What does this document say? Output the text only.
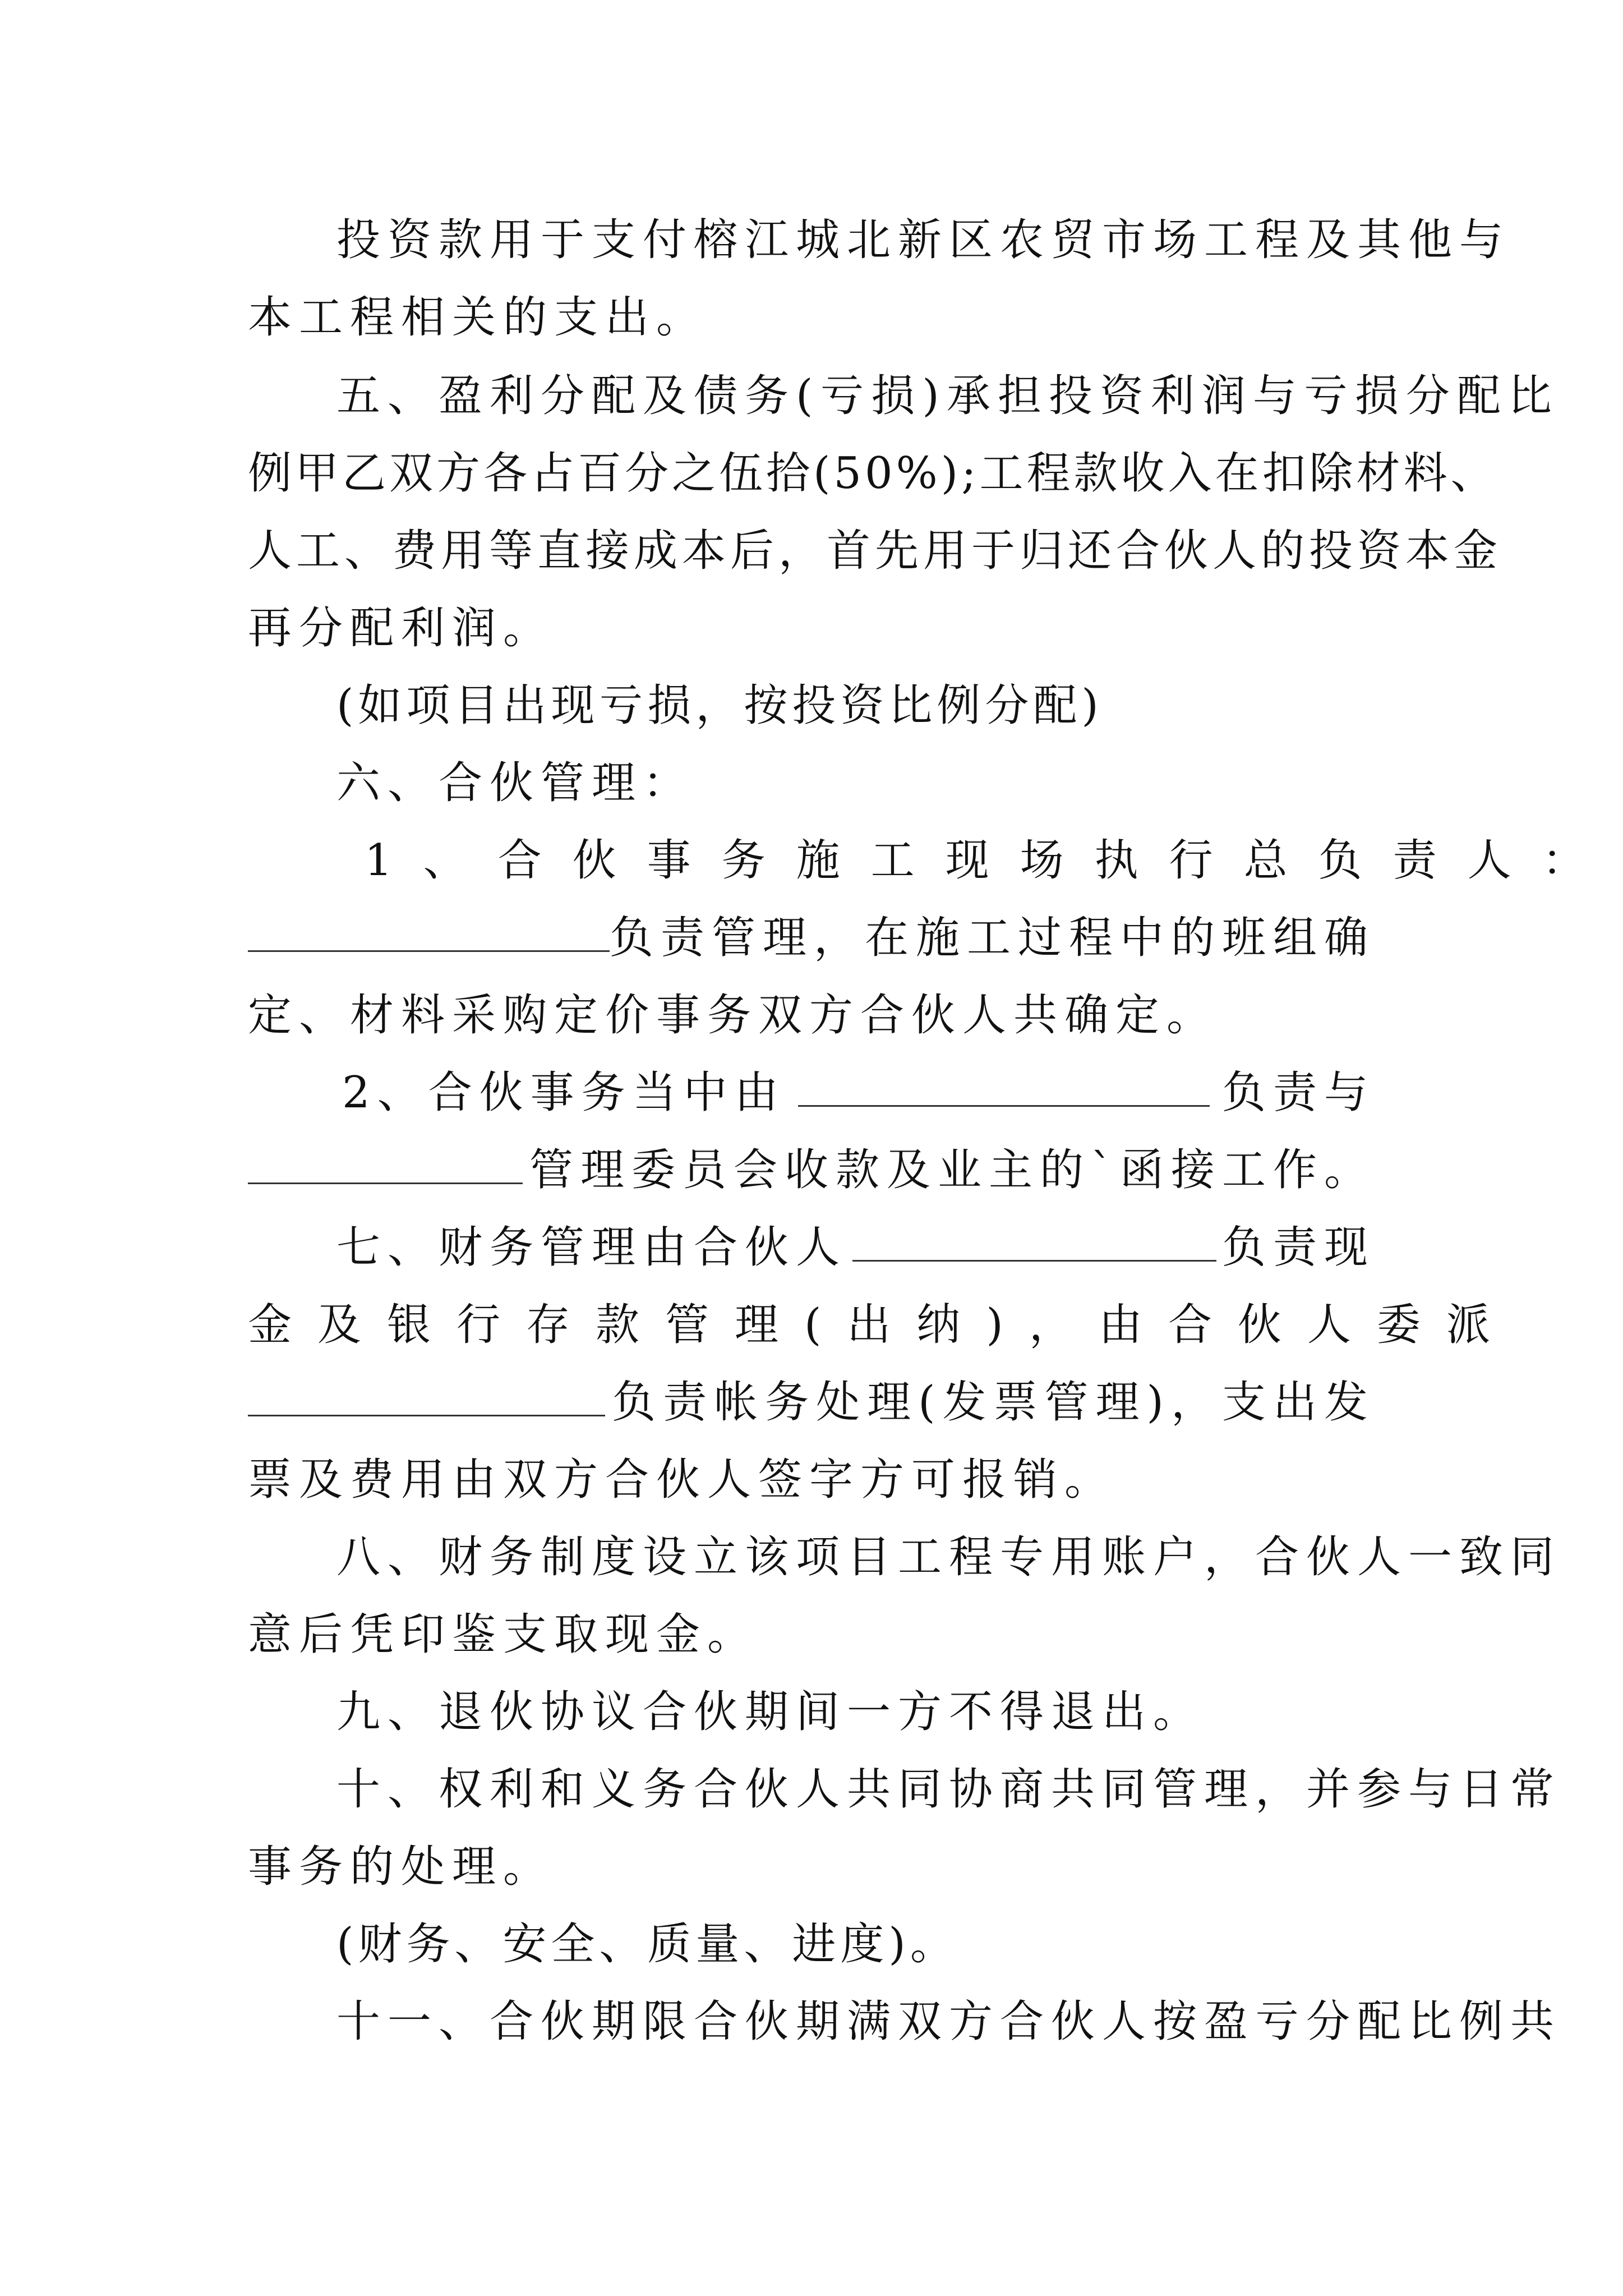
投资款用于支付榕江城北新区农贸市场工程及其他与
本工程相关的支出。
五、盈利分配及债务(亏损)承担投资利润与亏损分配比
例甲乙双方各占百分之伍拾(50%);工程款收入在扣除材料、
人工、费用等直接成本后，首先用于归还合伙人的投资本金
再分配利润。
(如项目出现亏损，按投资比例分配)
六、合伙管理：
1、合伙事务施工现场执行总负责人：
负责管理，在施工过程中的班组确
定、材料采购定价事务双方合伙人共确定。
2、合伙事务当中由	负责与
管理委员会收款及业主的`函接工作。
七、财务管理由合伙人	负责现
金及银行存款管理(出纳)，由合伙人委派
负责帐务处理(发票管理)，支出发
票及费用由双方合伙人签字方可报销。
八、财务制度设立该项目工程专用账户，合伙人一致同
意后凭印鉴支取现金。
九、退伙协议合伙期间一方不得退出。
十、权利和义务合伙人共同协商共同管理，并参与日常
事务的处理。
(财务、安全、质量、进度)。
十一、合伙期限合伙期满双方合伙人按盈亏分配比例共
